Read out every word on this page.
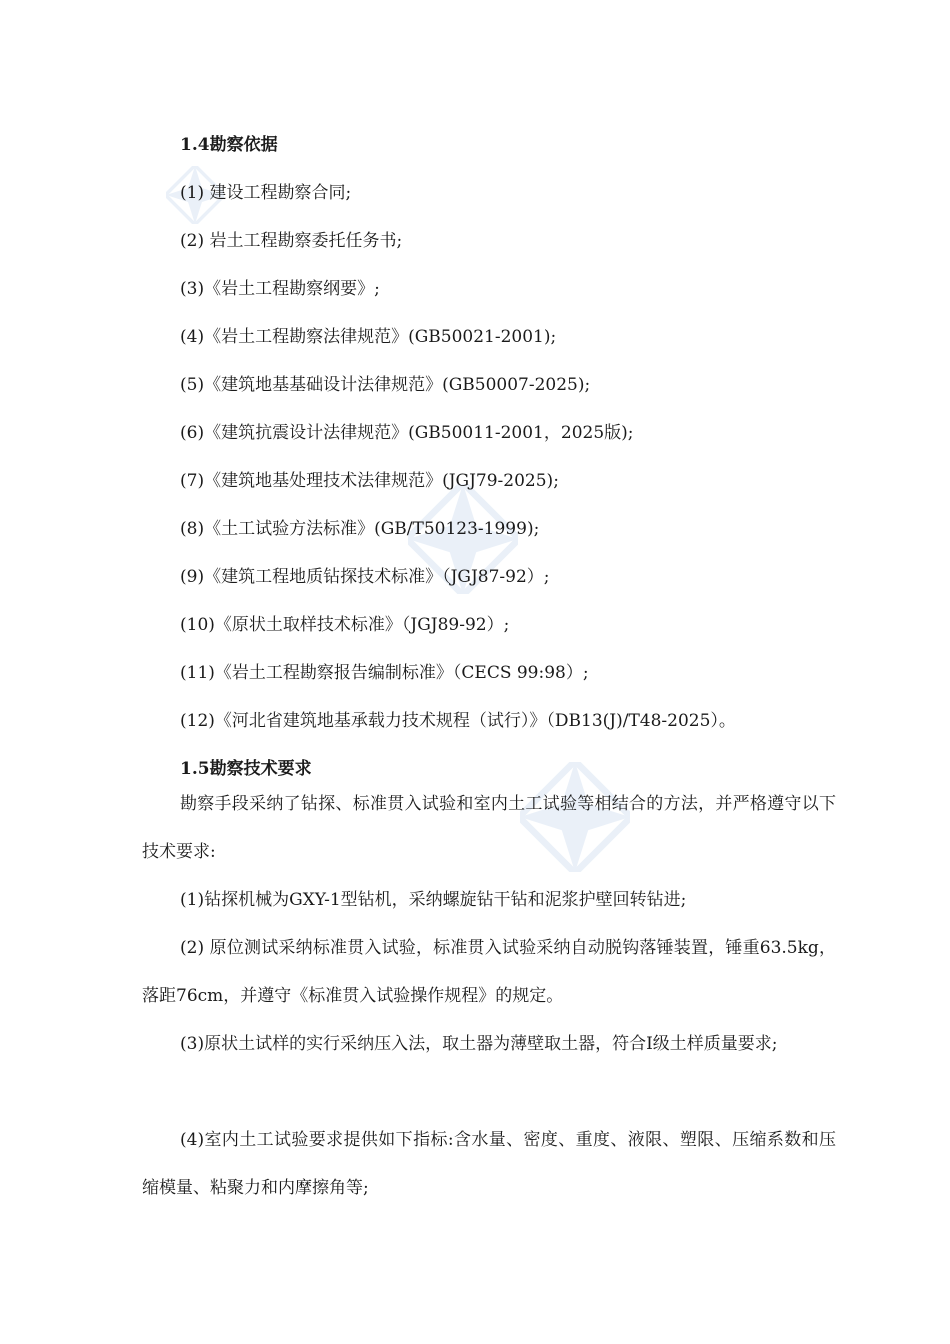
1.4勘察依据
(1) 建设工程勘察合同;
(2) 岩土工程勘察委托任务书;
(3)《岩土工程勘察纲要》;
(4)《岩土工程勘察法律规范》(GB50021-2001);
(5)《建筑地基基础设计法律规范》(GB50007-2025);
(6)《建筑抗震设计法律规范》(GB50011-2001，2025版);
(7)《建筑地基处理技术法律规范》(JGJ79-2025);
(8)《土工试验方法标准》(GB/T50123-1999);
(9)《建筑工程地质钻探技术标准》（JGJ87-92）;
(10)《原状土取样技术标准》（JGJ89-92）;
(11)《岩土工程勘察报告编制标准》（CECS 99:98）;
(12)《河北省建筑地基承载力技术规程（试行）》（DB13(J)/T48-2025）。
1.5勘察技术要求

勘察手段采纳了钻探、标准贯入试验和室内土工试验等相结合的方法，并严格遵守以下技术要求:

(1)钻探机械为GXY-1型钻机，采纳螺旋钻干钻和泥浆护壁回转钻进;

(2) 原位测试采纳标准贯入试验，标准贯入试验采纳自动脱钩落锤装置，锤重63.5kg，落距76cm，并遵守《标准贯入试验操作规程》的规定。

(3)原状土试样的实行采纳压入法，取土器为薄壁取土器，符合Ⅰ级土样质量要求;

(4)室内土工试验要求提供如下指标:含水量、密度、重度、液限、塑限、压缩系数和压缩模量、粘聚力和内摩擦角等;
